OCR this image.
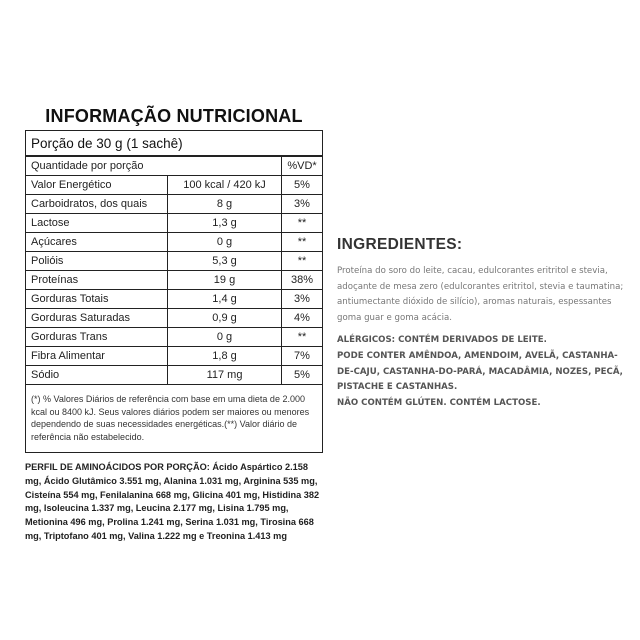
INFORMAÇÃO NUTRICIONAL
Porção de 30 g (1 sachê)
Quantidade por porção		%VD*
Valor Energético	100 kcal / 420 kJ	5%
Carboidratos, dos quais	8 g	3%
Lactose	1,3 g	**
Açúcares	0 g	**
Polióis	5,3 g	**
Proteínas	19 g	38%
Gorduras Totais	1,4 g	3%
Gorduras Saturadas	0,9 g	4%
Gorduras Trans	0 g	**
Fibra Alimentar	1,8 g	7%
Sódio	117 mg	5%
(*) % Valores Diários de referência com base em uma dieta de 2.000 kcal ou 8400 kJ. Seus valores diários podem ser maiores ou menores dependendo de suas necessidades energéticas.(**) Valor diário de referência não estabelecido.
PERFIL DE AMINOÁCIDOS POR PORÇÃO: Ácido Aspártico 2.158 mg, Ácido Glutâmico 3.551 mg, Alanina 1.031 mg, Arginina 535 mg, Cisteína 554 mg, Fenilalanina 668 mg, Glicina 401 mg, Histidina 382 mg, Isoleucina 1.337 mg, Leucina 2.177 mg, Lisina 1.795 mg, Metionina 496 mg, Prolina 1.241 mg, Serina 1.031 mg, Tirosina 668 mg, Triptofano 401 mg, Valina 1.222 mg e Treonina 1.413 mg
INGREDIENTES:
Proteína do soro do leite, cacau, edulcorantes eritritol e stevia, adoçante de mesa zero (edulcorantes eritritol, stevia e taumatina; antiumectante dióxido de silício), aromas naturais, espessantes goma guar e goma acácia.
ALÉRGICOS: CONTÉM DERIVADOS DE LEITE.
PODE CONTER AMÊNDOA, AMENDOIM, AVELÃ, CASTANHA-DE-CAJU, CASTANHA-DO-PARÁ, MACADÂMIA, NOZES, PECÃ, PISTACHE E CASTANHAS.
NÃO CONTÉM GLÚTEN. CONTÉM LACTOSE.
